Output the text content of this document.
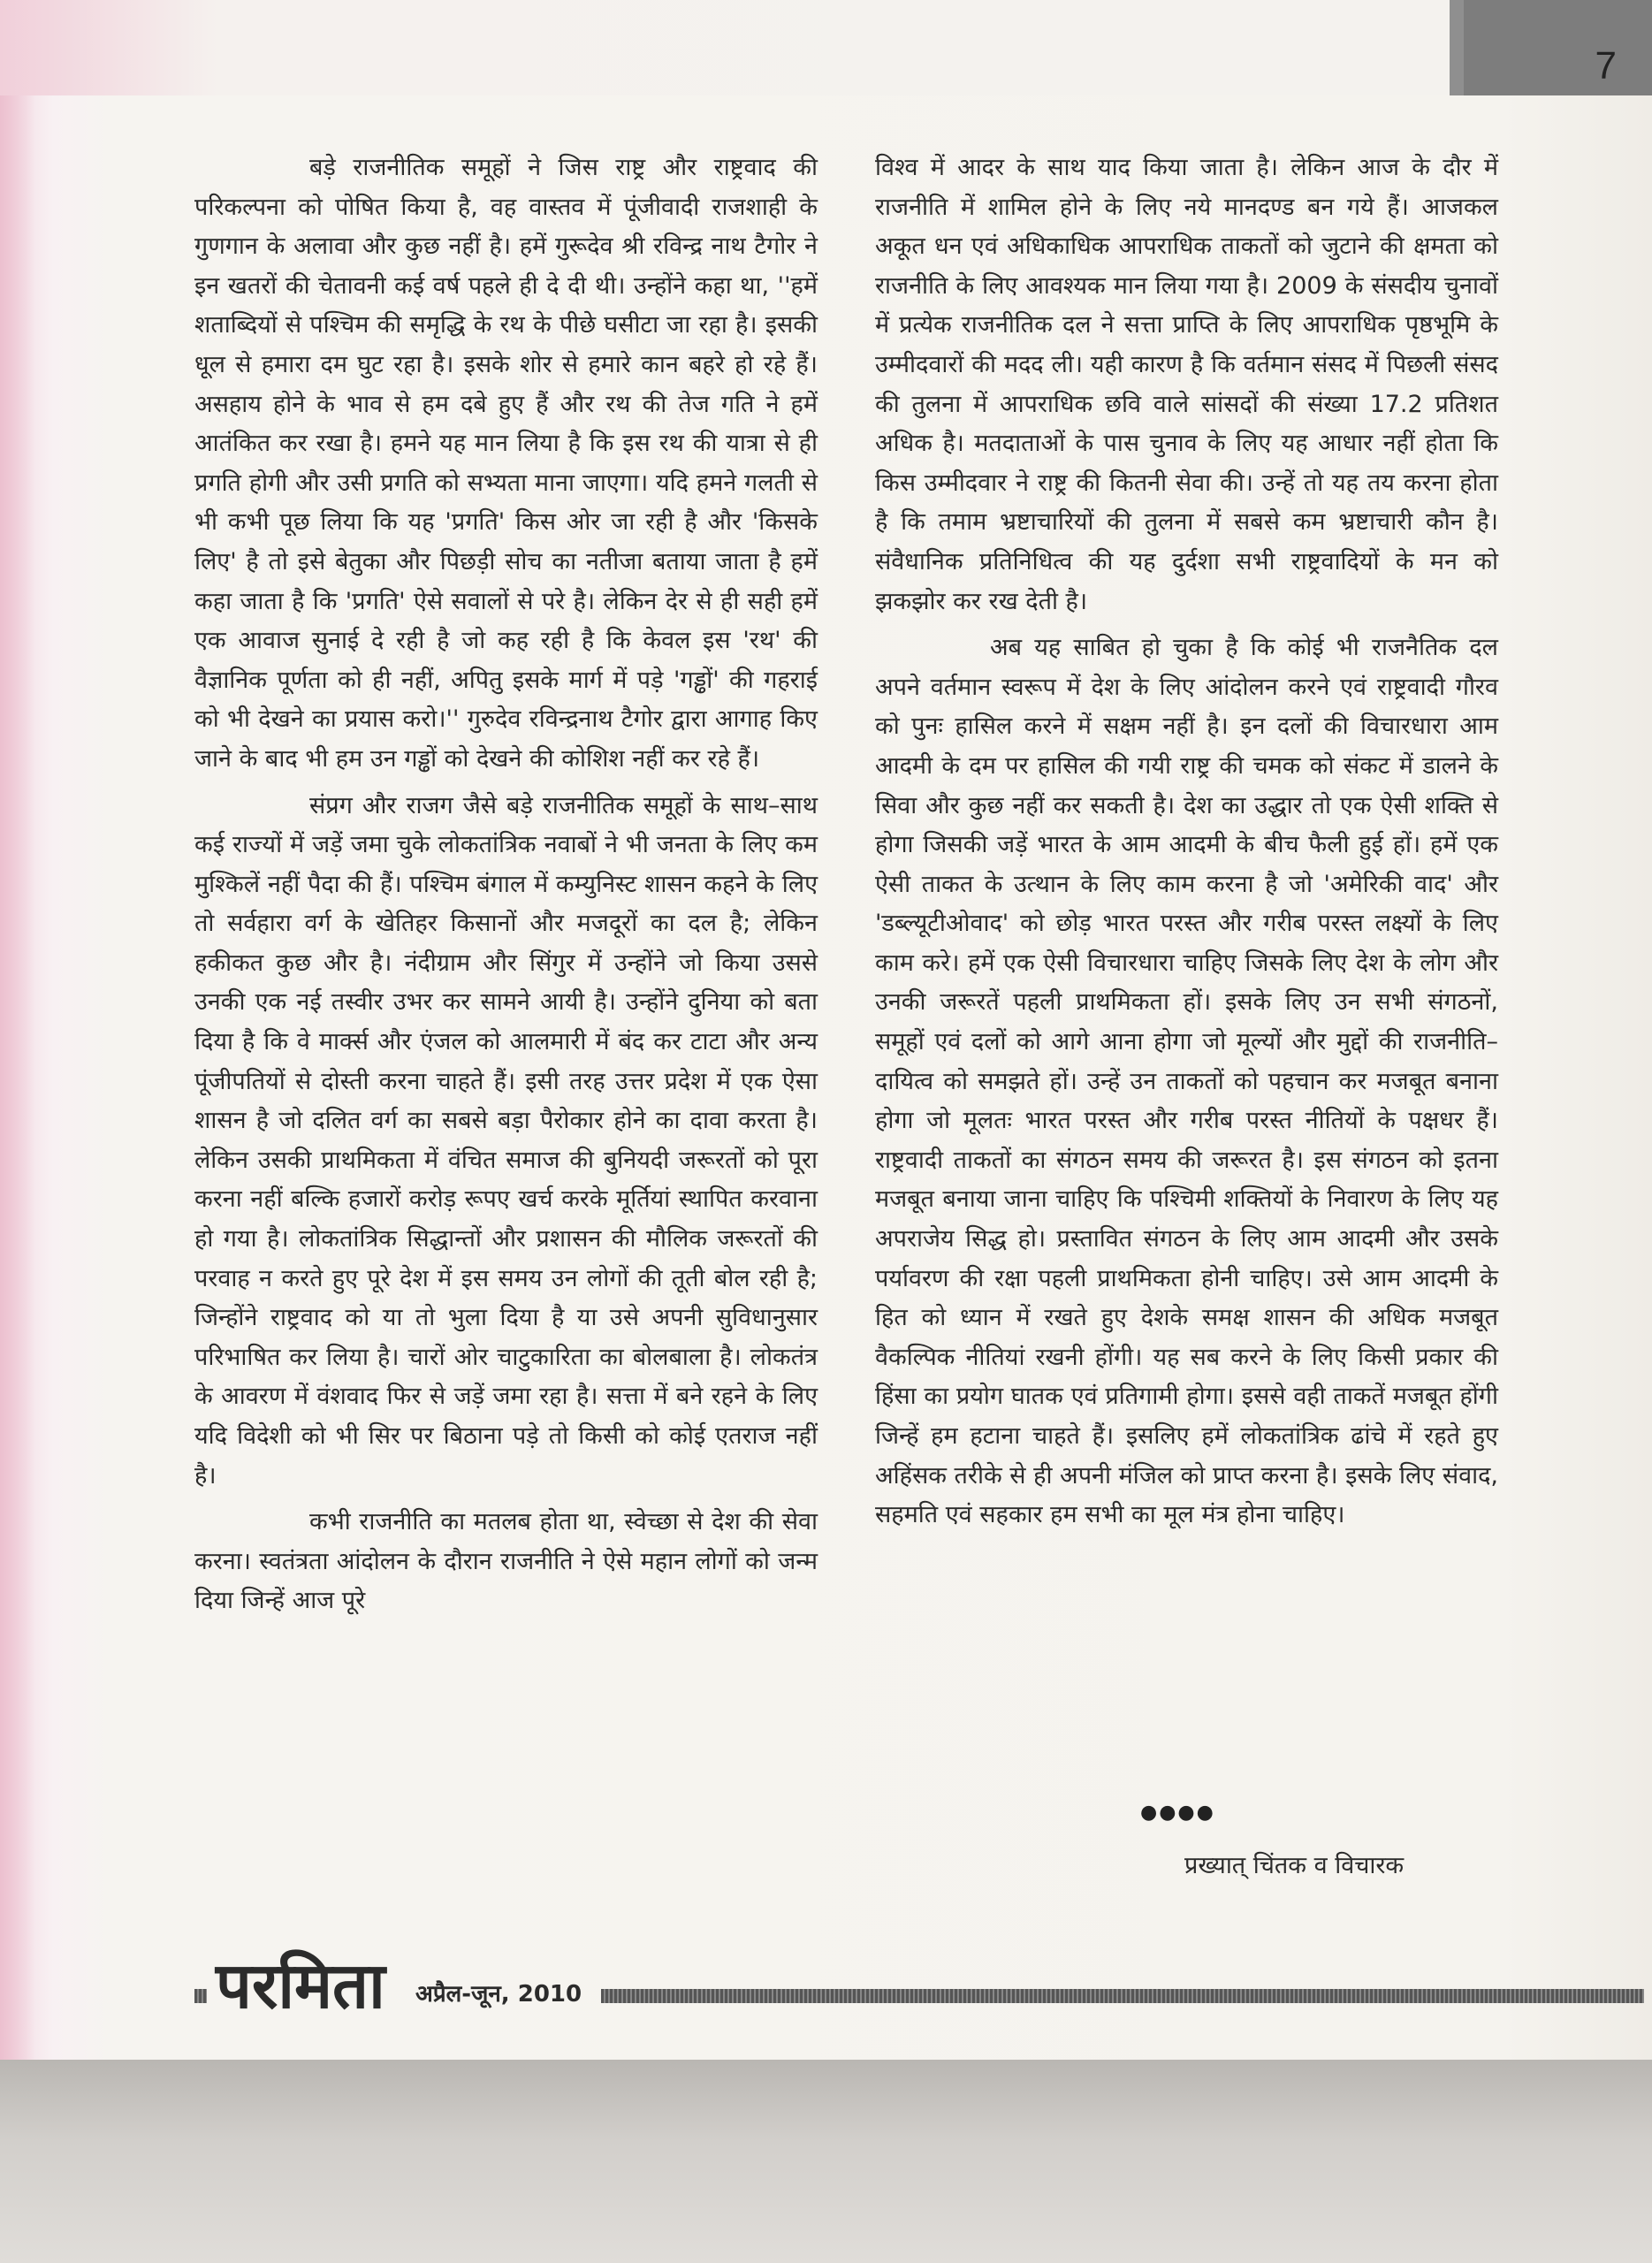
7

बड़े राजनीतिक समूहों ने जिस राष्ट्र और राष्ट्रवाद की परिकल्पना को पोषित किया है, वह वास्तव में पूंजीवादी राजशाही के गुणगान के अलावा और कुछ नहीं है। हमें गुरूदेव श्री रविन्द्र नाथ टैगोर ने इन खतरों की चेतावनी कई वर्ष पहले ही दे दी थी। उन्होंने कहा था, ''हमें शताब्दियों से पश्चिम की समृद्धि के रथ के पीछे घसीटा जा रहा है। इसकी धूल से हमारा दम घुट रहा है। इसके शोर से हमारे कान बहरे हो रहे हैं। असहाय होने के भाव से हम दबे हुए हैं और रथ की तेज गति ने हमें आतंकित कर रखा है। हमने यह मान लिया है कि इस रथ की यात्रा से ही प्रगति होगी और उसी प्रगति को सभ्यता माना जाएगा। यदि हमने गलती से भी कभी पूछ लिया कि यह 'प्रगति' किस ओर जा रही है और 'किसके लिए' है तो इसे बेतुका और पिछड़ी सोच का नतीजा बताया जाता है हमें कहा जाता है कि 'प्रगति' ऐसे सवालों से परे है। लेकिन देर से ही सही हमें एक आवाज सुनाई दे रही है जो कह रही है कि केवल इस 'रथ' की वैज्ञानिक पूर्णता को ही नहीं, अपितु इसके मार्ग में पड़े 'गड्ढों' की गहराई को भी देखने का प्रयास करो।'' गुरुदेव रविन्द्रनाथ टैगोर द्वारा आगाह किए जाने के बाद भी हम उन गड्ढों को देखने की कोशिश नहीं कर रहे हैं।

संप्रग और राजग जैसे बड़े राजनीतिक समूहों के साथ–साथ कई राज्यों में जड़ें जमा चुके लोकतांत्रिक नवाबों ने भी जनता के लिए कम मुश्किलें नहीं पैदा की हैं। पश्चिम बंगाल में कम्युनिस्ट शासन कहने के लिए तो सर्वहारा वर्ग के खेतिहर किसानों और मजदूरों का दल है; लेकिन हकीकत कुछ और है। नंदीग्राम और सिंगुर में उन्होंने जो किया उससे उनकी एक नई तस्वीर उभर कर सामने आयी है। उन्होंने दुनिया को बता दिया है कि वे मार्क्स और एंजल को आलमारी में बंद कर टाटा और अन्य पूंजीपतियों से दोस्ती करना चाहते हैं। इसी तरह उत्तर प्रदेश में एक ऐसा शासन है जो दलित वर्ग का सबसे बड़ा पैरोकार होने का दावा करता है। लेकिन उसकी प्राथमिकता में वंचित समाज की बुनियदी जरूरतों को पूरा करना नहीं बल्कि हजारों करोड़ रूपए खर्च करके मूर्तियां स्थापित करवाना हो गया है। लोकतांत्रिक सिद्धान्तों और प्रशासन की मौलिक जरूरतों की परवाह न करते हुए पूरे देश में इस समय उन लोगों की तूती बोल रही है; जिन्होंने राष्ट्रवाद को या तो भुला दिया है या उसे अपनी सुविधानुसार परिभाषित कर लिया है। चारों ओर चाटुकारिता का बोलबाला है। लोकतंत्र के आवरण में वंशवाद फिर से जड़ें जमा रहा है। सत्ता में बने रहने के लिए यदि विदेशी को भी सिर पर बिठाना पड़े तो किसी को कोई एतराज नहीं है।

कभी राजनीति का मतलब होता था, स्वेच्छा से देश की सेवा करना। स्वतंत्रता आंदोलन के दौरान राजनीति ने ऐसे महान लोगों को जन्म दिया जिन्हें आज पूरे

विश्व में आदर के साथ याद किया जाता है। लेकिन आज के दौर में राजनीति में शामिल होने के लिए नये मानदण्ड बन गये हैं। आजकल अकूत धन एवं अधिकाधिक आपराधिक ताकतों को जुटाने की क्षमता को राजनीति के लिए आवश्यक मान लिया गया है। 2009 के संसदीय चुनावों में प्रत्येक राजनीतिक दल ने सत्ता प्राप्ति के लिए आपराधिक पृष्ठभूमि के उम्मीदवारों की मदद ली। यही कारण है कि वर्तमान संसद में पिछली संसद की तुलना में आपराधिक छवि वाले सांसदों की संख्या 17.2 प्रतिशत अधिक है। मतदाताओं के पास चुनाव के लिए यह आधार नहीं होता कि किस उम्मीदवार ने राष्ट्र की कितनी सेवा की। उन्हें तो यह तय करना होता है कि तमाम भ्रष्टाचारियों की तुलना में सबसे कम भ्रष्टाचारी कौन है। संवैधानिक प्रतिनिधित्व की यह दुर्दशा सभी राष्ट्रवादियों के मन को झकझोर कर रख देती है।

अब यह साबित हो चुका है कि कोई भी राजनैतिक दल अपने वर्तमान स्वरूप में देश के लिए आंदोलन करने एवं राष्ट्रवादी गौरव को पुनः हासिल करने में सक्षम नहीं है। इन दलों की विचारधारा आम आदमी के दम पर हासिल की गयी राष्ट्र की चमक को संकट में डालने के सिवा और कुछ नहीं कर सकती है। देश का उद्धार तो एक ऐसी शक्ति से होगा जिसकी जड़ें भारत के आम आदमी के बीच फैली हुई हों। हमें एक ऐसी ताकत के उत्थान के लिए काम करना है जो 'अमेरिकी वाद' और 'डब्ल्यूटीओवाद' को छोड़ भारत परस्त और गरीब परस्त लक्ष्यों के लिए काम करे। हमें एक ऐसी विचारधारा चाहिए जिसके लिए देश के लोग और उनकी जरूरतें पहली प्राथमिकता हों। इसके लिए उन सभी संगठनों, समूहों एवं दलों को आगे आना होगा जो मूल्यों और मुद्दों की राजनीति–दायित्व को समझते हों। उन्हें उन ताकतों को पहचान कर मजबूत बनाना होगा जो मूलतः भारत परस्त और गरीब परस्त नीतियों के पक्षधर हैं। राष्ट्रवादी ताकतों का संगठन समय की जरूरत है। इस संगठन को इतना मजबूत बनाया जाना चाहिए कि पश्चिमी शक्तियों के निवारण के लिए यह अपराजेय सिद्ध हो। प्रस्तावित संगठन के लिए आम आदमी और उसके पर्यावरण की रक्षा पहली प्राथमिकता होनी चाहिए। उसे आम आदमी के हित को ध्यान में रखते हुए देशके समक्ष शासन की अधिक मजबूत वैकल्पिक नीतियां रखनी होंगी। यह सब करने के लिए किसी प्रकार की हिंसा का प्रयोग घातक एवं प्रतिगामी होगा। इससे वही ताकतें मजबूत होंगी जिन्हें हम हटाना चाहते हैं। इसलिए हमें लोकतांत्रिक ढांचे में रहते हुए अहिंसक तरीके से ही अपनी मंजिल को प्राप्त करना है। इसके लिए संवाद, सहमति एवं सहकार हम सभी का मूल मंत्र होना चाहिए।

●●●●
प्रख्यात् चिंतक व विचारक
परमिता अप्रैल-जून, 2010
